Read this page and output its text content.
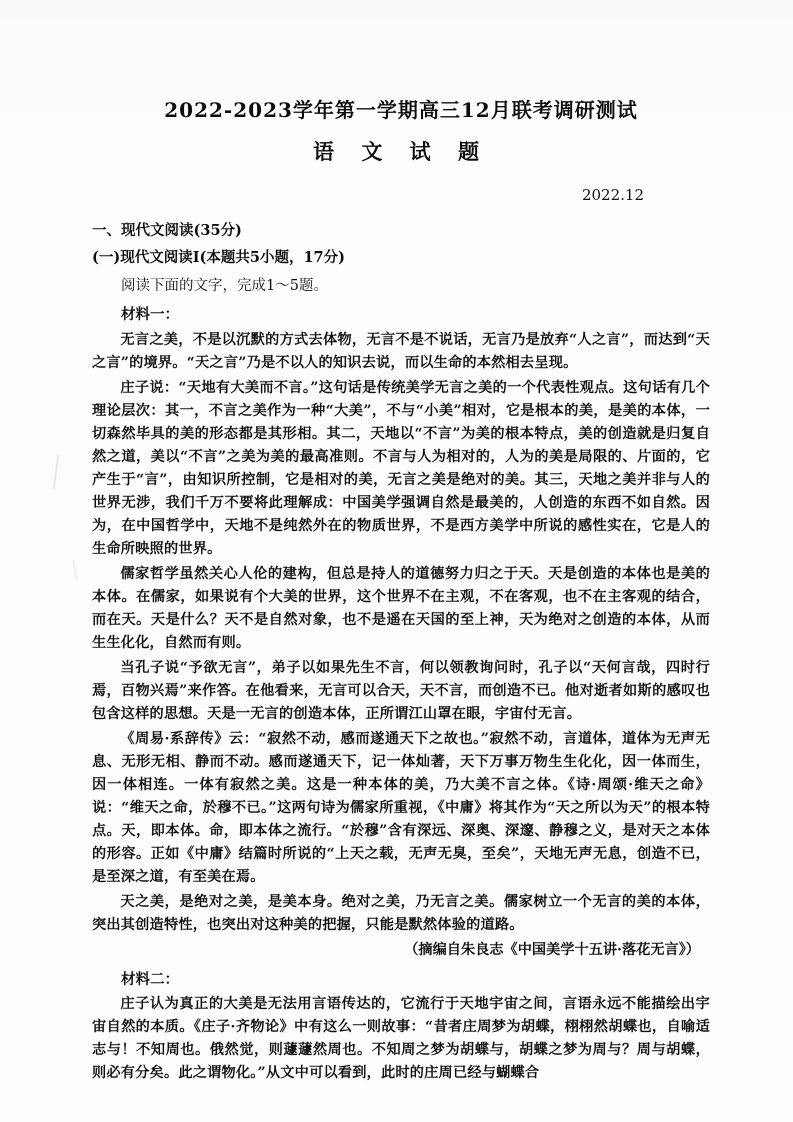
2022-2023学年第一学期高三12月联考调研测试
语 文 试 题
2022.12
一、现代文阅读(35分)
(一)现代文阅读Ⅰ(本题共5小题，17分)
阅读下面的文字，完成1～5题。
材料一：

无言之美，不是以沉默的方式去体物，无言不是不说话，无言乃是放弃“人之言”，而达到“天之言”的境界。“天之言”乃是不以人的知识去说，而以生命的本然相去呈现。

庄子说：“天地有大美而不言。”这句话是传统美学无言之美的一个代表性观点。这句话有几个理论层次：其一，不言之美作为一种“大美”，不与“小美”相对，它是根本的美，是美的本体，一切森然毕具的美的形态都是其形相。其二，天地以“不言”为美的根本特点，美的创造就是归复自然之道，美以“不言”之美为美的最高准则。不言与人为相对的，人为的美是局限的、片面的，它产生于“言”，由知识所控制，它是相对的美，无言之美是绝对的美。其三，天地之美并非与人的世界无涉，我们千万不要将此理解成：中国美学强调自然是最美的，人创造的东西不如自然。因为，在中国哲学中，天地不是纯然外在的物质世界，不是西方美学中所说的感性实在，它是人的生命所映照的世界。

儒家哲学虽然关心人伦的建构，但总是持人的道德努力归之于天。天是创造的本体也是美的本体。在儒家，如果说有个大美的世界，这个世界不在主观，不在客观，也不在主客观的结合，而在天。天是什么？天不是自然对象，也不是遥在天国的至上神，天为绝对之创造的本体，从而生生化化，自然而有则。

当孔子说“予欲无言”，弟子以如果先生不言，何以领教询问时，孔子以“天何言哉，四时行焉，百物兴焉”来作答。在他看来，无言可以合天，天不言，而创造不已。他对逝者如斯的感叹也包含这样的思想。天是一无言的创造本体，正所谓江山罩在眼，宇宙付无言。

《周易·系辞传》云：“寂然不动，感而遂通天下之故也。”寂然不动，言道体，道体为无声无息、无形无相、静而不动。感而遂通天下，记一体灿著，天下万事万物生生化化，因一体而生，因一体相连。一体有寂然之美。这是一种本体的美，乃大美不言之体。《诗·周颂·维天之命》说：“维天之命，於穆不已。”这两句诗为儒家所重视，《中庸》将其作为“天之所以为天”的根本特点。天，即本体。命，即本体之流行。“於穆”含有深远、深奥、深邃、静穆之义，是对天之本体的形容。正如《中庸》结篇时所说的“上天之载，无声无臭，至矣”，天地无声无息，创造不已，是至深之道，有至美在焉。

天之美，是绝对之美，是美本身。绝对之美，乃无言之美。儒家树立一个无言的美的本体，突出其创造特性，也突出对这种美的把握，只能是默然体验的道路。

（摘编自朱良志《中国美学十五讲·落花无言》）

材料二：

庄子认为真正的大美是无法用言语传达的，它流行于天地宇宙之间，言语永远不能描绘出宇宙自然的本质。《庄子·齐物论》中有这么一则故事：“昔者庄周梦为胡蝶，栩栩然胡蝶也，自喻适志与！不知周也。俄然觉，则蘧蘧然周也。不知周之梦为胡蝶与，胡蝶之梦为周与？周与胡蝶，则必有分矣。此之谓物化。”从文中可以看到，此时的庄周已经与蝴蝶合
